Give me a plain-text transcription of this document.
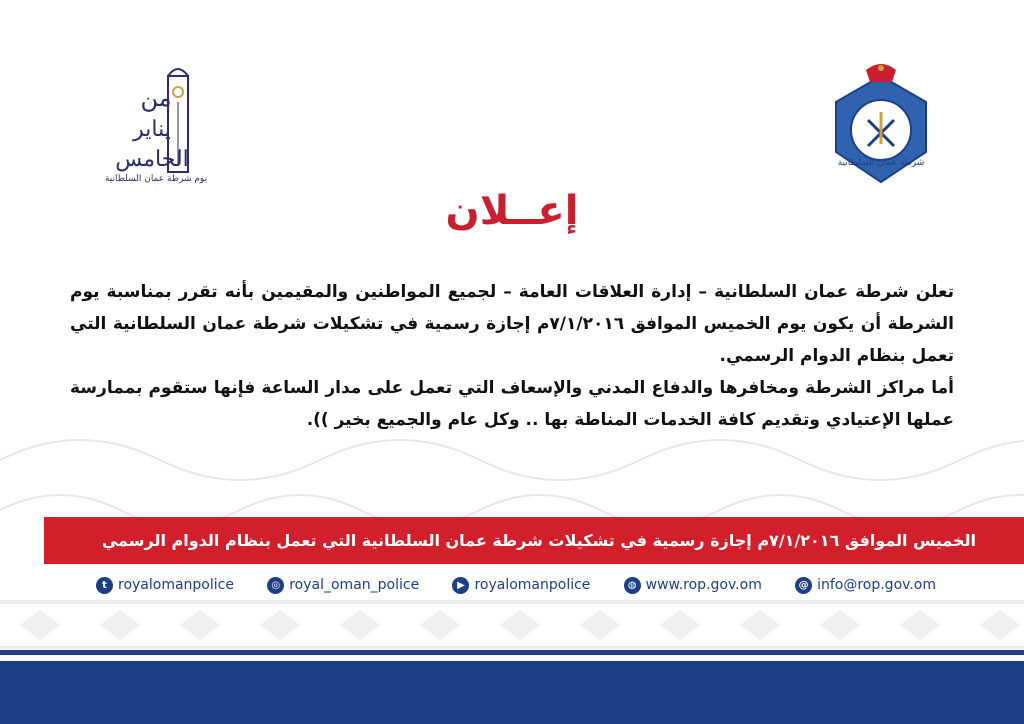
من
يناير
الخامس
يوم شرطة عمان السلطانية
شرطة عمان السلطانية
إعــلان

تعلن شرطة عمان السلطانية – إدارة العلاقات العامة – لجميع المواطنين والمقيمين بأنه تقرر بمناسبة يوم الشرطة أن يكون يوم الخميس الموافق ٧/١/٢٠١٦م إجازة رسمية في تشكيلات شرطة عمان السلطانية التي تعمل بنظام الدوام الرسمي.

أما مراكز الشرطة ومخافرها والدفاع المدني والإسعاف التي تعمل على مدار الساعة فإنها ستقوم بممارسة عملها الإعتيادي وتقديم كافة الخدمات المناطة بها .. وكل عام والجميع بخير )).

الخميس الموافق ٧/١/٢٠١٦م إجازة رسمية في تشكيلات شرطة عمان السلطانية التي تعمل بنظام الدوام الرسمي
t royalomanpolice	◎ royal_oman_police	▶ royalomanpolice	◍ www.rop.gov.om	@ info@rop.gov.om
